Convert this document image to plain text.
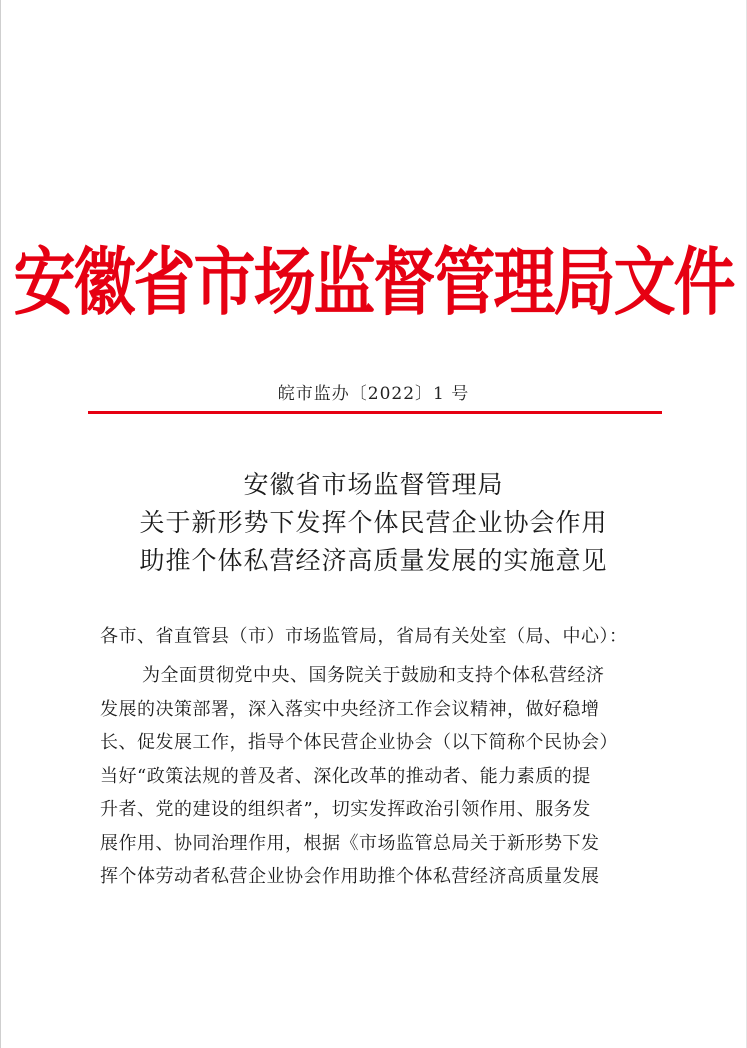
安徽省市场监督管理局文件
皖市监办〔2022〕1 号
安徽省市场监督管理局
关于新形势下发挥个体民营企业协会作用
助推个体私营经济高质量发展的实施意见
各市、省直管县（市）市场监管局，省局有关处室（局、中心）：
为全面贯彻党中央、国务院关于鼓励和支持个体私营经济
发展的决策部署，深入落实中央经济工作会议精神，做好稳增
长、促发展工作，指导个体民营企业协会（以下简称个民协会）
当好“政策法规的普及者、深化改革的推动者、能力素质的提
升者、党的建设的组织者”，切实发挥政治引领作用、服务发
展作用、协同治理作用，根据《市场监管总局关于新形势下发
挥个体劳动者私营企业协会作用助推个体私营经济高质量发展
